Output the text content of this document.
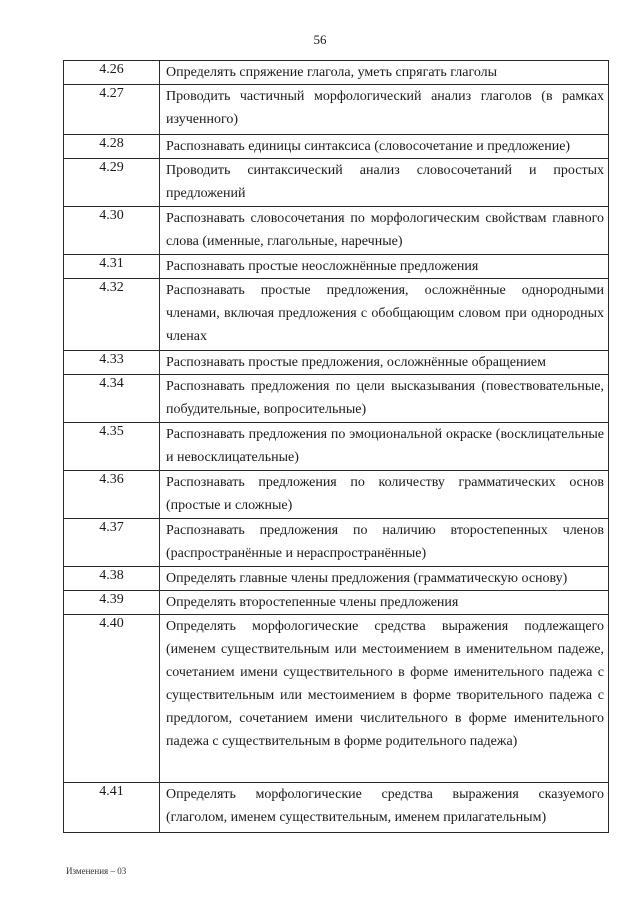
56
4.26	Определять спряжение глагола, уметь спрягать глаголы
4.27	Проводить частичный морфологический анализ глаголов (в рамках изученного)
4.28	Распознавать единицы синтаксиса (словосочетание и предложение)
4.29	Проводить синтаксический анализ словосочетаний и простых предложений
4.30	Распознавать словосочетания по морфологическим свойствам главного слова (именные, глагольные, наречные)
4.31	Распознавать простые неосложнённые предложения
4.32	Распознавать простые предложения, осложнённые однородными членами, включая предложения с обобщающим словом при однородных членах
4.33	Распознавать простые предложения, осложнённые обращением
4.34	Распознавать предложения по цели высказывания (повествовательные, побудительные, вопросительные)
4.35	Распознавать предложения по эмоциональной окраске (восклицательные и невосклицательные)
4.36	Распознавать предложения по количеству грамматических основ (простые и сложные)
4.37	Распознавать предложения по наличию второстепенных членов (распространённые и нераспространённые)
4.38	Определять главные члены предложения (грамматическую основу)
4.39	Определять второстепенные члены предложения
4.40	Определять морфологические средства выражения подлежащего (именем существительным или местоимением в именительном падеже, сочетанием имени существительного в форме именительного падежа с существительным или местоимением в форме творительного падежа с предлогом, сочетанием имени числительного в форме именительного падежа с существительным в форме родительного падежа)
4.41	Определять морфологические средства выражения сказуемого (глаголом, именем существительным, именем прилагательным)
Изменения – 03
